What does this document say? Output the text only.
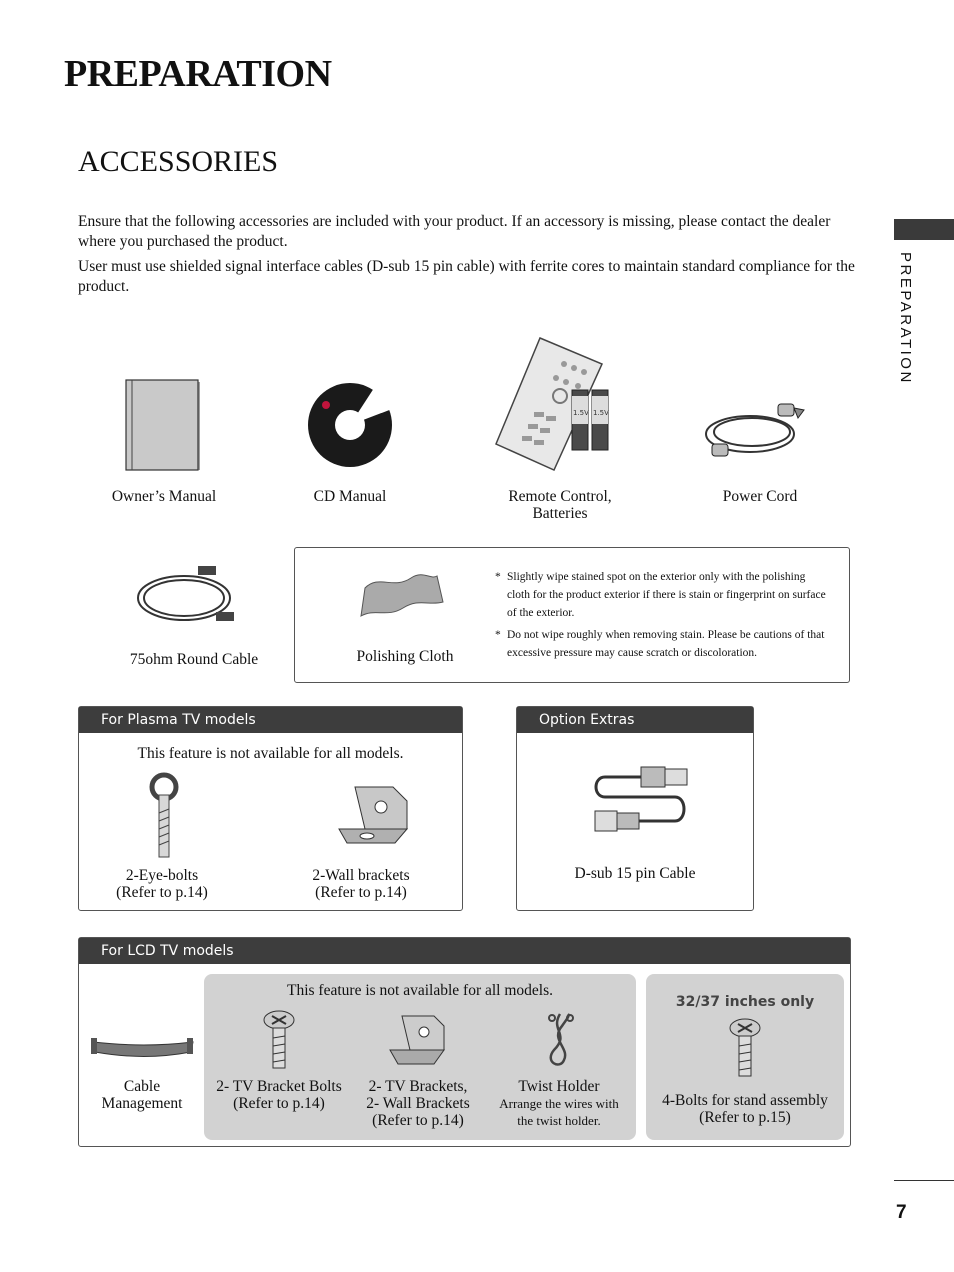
PREPARATION
ACCESSORIES
Ensure that the following accessories are included with your product. If an accessory is missing, please contact the dealer where you purchased the product.
User must use shielded signal interface cables (D-sub 15 pin cable) with ferrite cores to maintain standard compliance for the product.	PREPARATION
1.5V 1.5V
Owner’s Manual	CD Manual	Remote Control,
Batteries
Power Cord
75ohm Round Cable	Polishing Cloth
* Slightly wipe stained spot on the exterior only with the polishing cloth for the product exterior if there is stain or fingerprint on surface of the exterior.
* Do not wipe roughly when removing stain. Please be cautions of that excessive pressure may cause scratch or discoloration.
For Plasma TV models
This feature is not available for all models.
2-Eye-bolts
(Refer to p.14)
2-Wall brackets
(Refer to p.14)
Option Extras
D-sub 15 pin Cable
For LCD TV models
Cable
Management
This feature is not available for all models.
2- TV Bracket Bolts
(Refer to p.14)
2- TV Brackets,
2- Wall Brackets
(Refer to p.14)
Twist Holder
Arrange the wires with
the twist holder.
32/37 inches only
4-Bolts for stand assembly
(Refer to p.15)
7
